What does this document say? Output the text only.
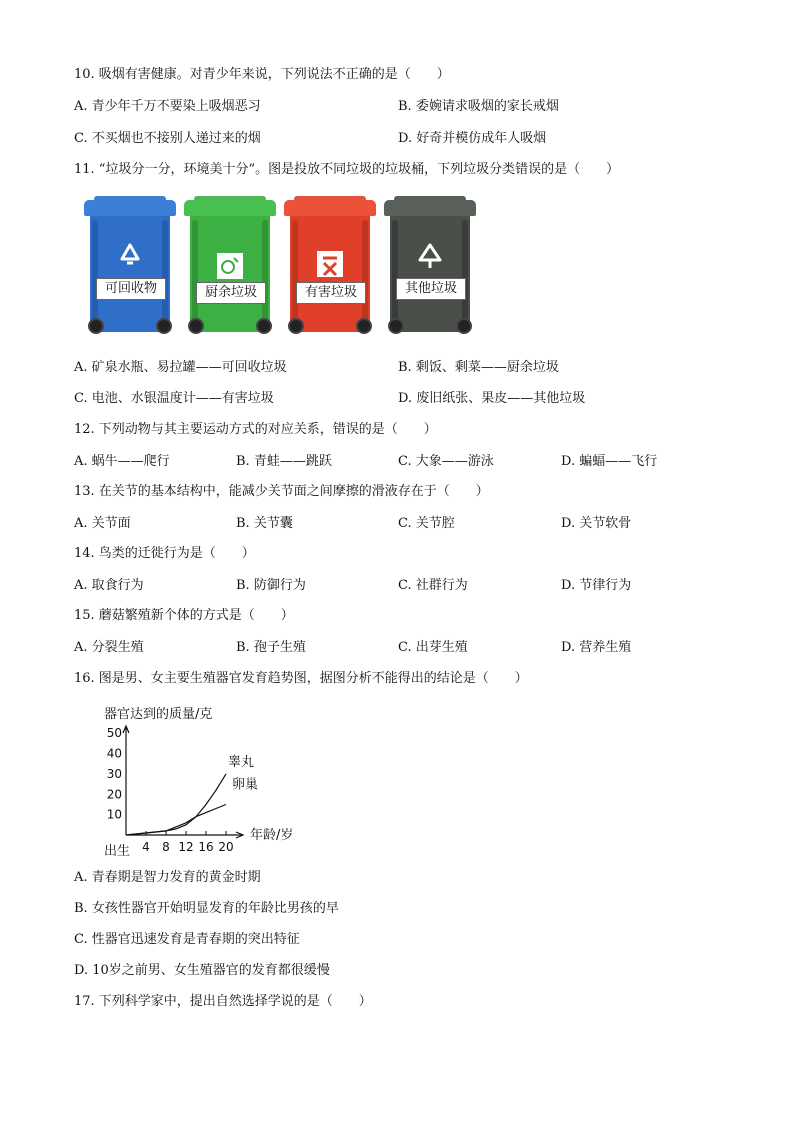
10. 吸烟有害健康。对青少年来说，下列说法不正确的是（　　）
A. 青少年千万不要染上吸烟恶习	B. 委婉请求吸烟的家长戒烟
C. 不买烟也不接别人递过来的烟	D. 好奇并模仿成年人吸烟
11. “垃圾分一分，环境美十分”。图是投放不同垃圾的垃圾桶，下列垃圾分类错误的是（　　）
可回收物	厨余垃圾	有害垃圾	其他垃圾
A. 矿泉水瓶、易拉罐——可回收垃圾	B. 剩饭、剩菜——厨余垃圾
C. 电池、水银温度计——有害垃圾	D. 废旧纸张、果皮——其他垃圾
12. 下列动物与其主要运动方式的对应关系，错误的是（　　）
A. 蜗牛——爬行	B. 青蛙——跳跃	C. 大象——游泳	D. 蝙蝠——飞行
13. 在关节的基本结构中，能减少关节面之间摩擦的滑液存在于（　　）
A. 关节面	B. 关节囊	C. 关节腔	D. 关节软骨
14. 鸟类的迁徙行为是（　　）
A. 取食行为	B. 防御行为	C. 社群行为	D. 节律行为
15. 蘑菇繁殖新个体的方式是（　　）
A. 分裂生殖	B. 孢子生殖	C. 出芽生殖	D. 营养生殖
16. 图是男、女主要生殖器官发育趋势图，据图分析不能得出的结论是（　　）
器官达到的质量/克
10
20
30
40
50
4 8 12 16 20
年龄/岁
出生
睾丸
卵巢
A. 青春期是智力发育的黄金时期
B. 女孩性器官开始明显发育的年龄比男孩的早
C. 性器官迅速发育是青春期的突出特征
D. 10岁之前男、女生殖器官的发育都很缓慢
17. 下列科学家中，提出自然选择学说的是（　　）
